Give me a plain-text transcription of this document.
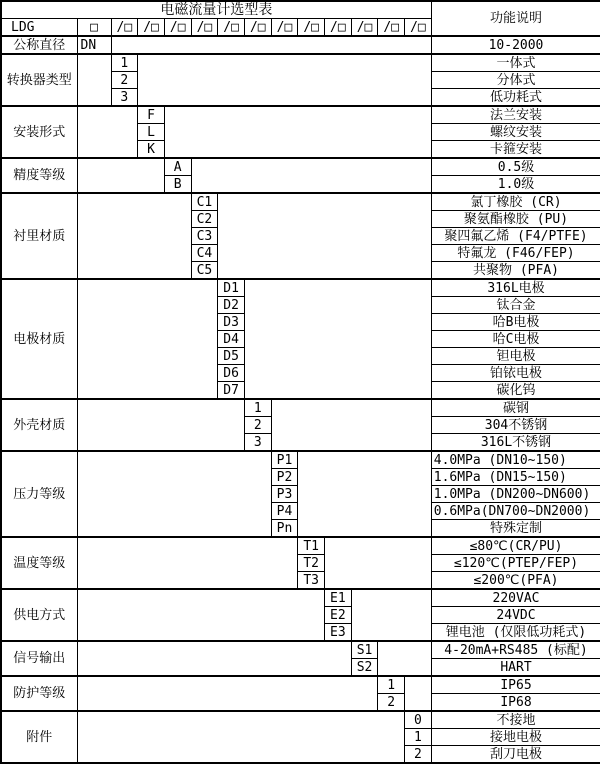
电磁流量计选型表														功能说明
LDG	□	/□	/□	/□	/□	/□	/□	/□	/□	/□	/□	/□	/□	
公称直径	DN													10-2000
转换器类型		1												一体式
		2												分体式
		3												低功耗式
安装形式			F											法兰安装
			L											螺纹安装
			K											卡箍安装
精度等级				A										0.5级
				B										1.0级
衬里材质					C1									氯丁橡胶 (CR)
					C2									聚氨酯橡胶 (PU)
					C3									聚四氟乙烯 (F4/PTFE)
					C4									特氟龙 (F46/FEP)
					C5									共聚物 (PFA)
电极材质						D1								316L电极
						D2								钛合金
						D3								哈B电极
						D4								哈C电极
						D5								钽电极
						D6								铂铱电极
						D7								碳化钨
外壳材质							1							碳钢
							2							304不锈钢
							3							316L不锈钢
压力等级								P1						4.0MPa (DN10~150)
								P2						1.6MPa (DN15~150)
								P3						1.0MPa (DN200~DN600)
								P4						0.6MPa(DN700~DN2000)
								Pn						特殊定制
温度等级									T1					≤80℃(CR/PU)
									T2					≤120℃(PTEP/FEP)
									T3					≤200℃(PFA)
供电方式										E1				220VAC
										E2				24VDC
										E3				锂电池 (仅限低功耗式)
信号输出											S1			4-20mA+RS485 (标配)
											S2			HART
防护等级												1		IP65
												2		IP68
附件													0	不接地
													1	接地电极
													2	刮刀电极
